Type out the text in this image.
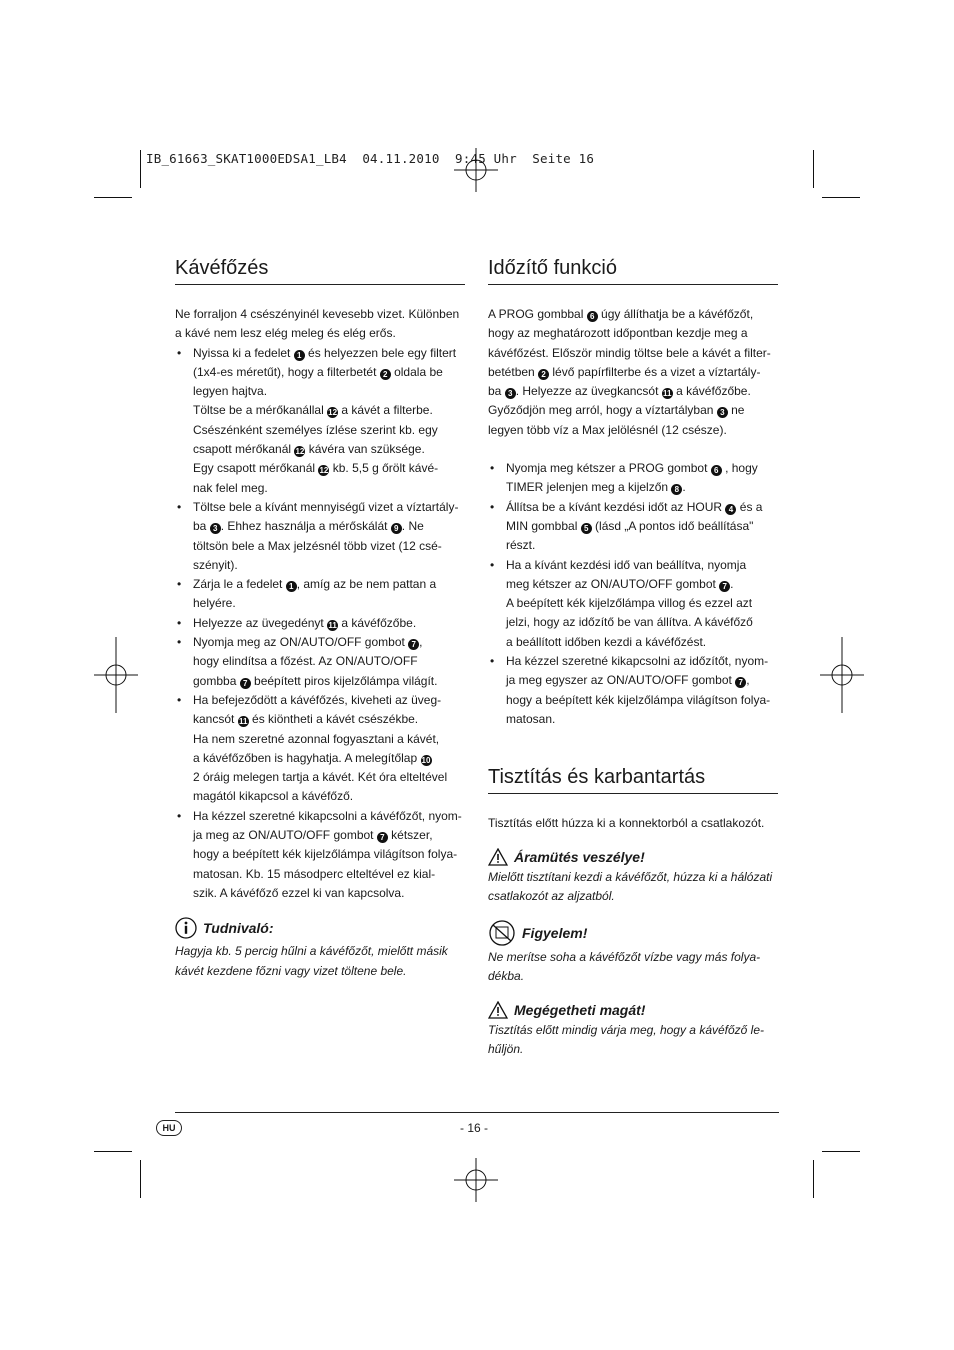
IB_61663_SKAT1000EDSA1_LB4  04.11.2010  9:45 Uhr  Seite 16
Kávéfőzés

Ne forraljon 4 csészényinél kevesebb vizet. Különben

a kávé nem lesz elég meleg és elég erős.

• Nyissa ki a fedelet 1 és helyezzen bele egy filtert
(1x4-es méretűt), hogy a filterbetét 2 oldala be
legyen hajtva.
Töltse be a mérőkanállal 12 a kávét a filterbe.
Csészénként személyes ízlése szerint kb. egy
csapott mérőkanál 12 kávéra van szüksége.
Egy csapott mérőkanál 12 kb. 5,5 g őrölt kávé-
nak felel meg.
• Töltse bele a kívánt mennyiségű vizet a víztartály-
ba 3 . Ehhez használja a mérőskálát 9 . Ne
töltsön bele a Max jelzésnél több vizet (12 csé-
szényit).
• Zárja le a fedelet 1 , amíg az be nem pattan a
helyére.
• Helyezze az üvegedényt 11 a kávéfőzőbe.
• Nyomja meg az ON/AUTO/OFF gombot 7 ,
hogy elindítsa a főzést. Az ON/AUTO/OFF
gombba 7 beépített piros kijelzőlámpa világít.
• Ha befejeződött a kávéfőzés, kiveheti az üveg-
kancsót 11 és kiöntheti a kávét csészékbe.
Ha nem szeretné azonnal fogyasztani a kávét,
a kávéfőzőben is hagyhatja. A melegítőlap 10
2 óráig melegen tartja a kávét. Két óra elteltével
magától kikapcsol a kávéfőző.
• Ha kézzel szeretné kikapcsolni a kávéfőzőt, nyom-
ja meg az ON/AUTO/OFF gombot 7 kétszer,
hogy a beépített kék kijelzőlámpa világítson folya-
matosan. Kb. 15 másodperc elteltével ez kial-
szik. A kávéfőző ezzel ki van kapcsolva.
Tudnivaló:

Hagyja kb. 5 percig hűlni a kávéfőzőt, mielőtt másik

kávét kezdene főzni vagy vizet töltene bele.

Időzítő funkció

A PROG gombbal 6 úgy állíthatja be a kávéfőzőt,

hogy az meghatározott időpontban kezdje meg a

kávéfőzést. Először mindig töltse bele a kávét a filter-

betétben 2 lévő papírfilterbe és a vizet a víztartály-

ba 3 . Helyezze az üvegkancsót 11 a kávéfőzőbe.

Győződjön meg arról, hogy a víztartályban 3 ne

legyen több víz a Max jelölésnél (12 csésze).

• Nyomja meg kétszer a PROG gombot 6 , hogy
TIMER jelenjen meg a kijelzőn 8 .
• Állítsa be a kívánt kezdési időt az HOUR 4 és a
MIN gombbal 5 (lásd „A pontos idő beállítása"
részt.
• Ha a kívánt kezdési idő van beállítva, nyomja
meg kétszer az ON/AUTO/OFF gombot 7 .
A beépített kék kijelzőlámpa villog és ezzel azt
jelzi, hogy az időzítő be van állítva. A kávéfőző
a beállított időben kezdi a kávéfőzést.
• Ha kézzel szeretné kikapcsolni az időzítőt, nyom-
ja meg egyszer az ON/AUTO/OFF gombot 7 ,
hogy a beépített kék kijelzőlámpa világítson folya-
matosan.
Tisztítás és karbantartás

Tisztítás előtt húzza ki a konnektorból a csatlakozót.

Áramütés veszélye!

Mielőtt tisztítani kezdi a kávéfőzőt, húzza ki a hálózati

csatlakozót az aljzatból.

Figyelem!

Ne merítse soha a kávéfőzőt vízbe vagy más folya-

dékba.

Megégetheti magát!

Tisztítás előtt mindig várja meg, hogy a kávéfőző le-

hűljön.

HU	- 16 -
